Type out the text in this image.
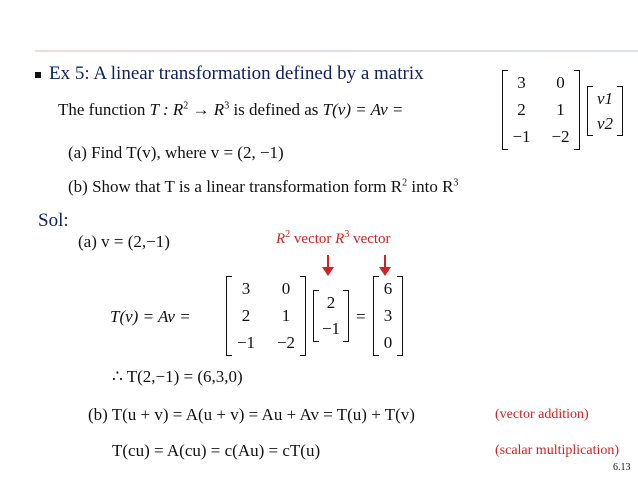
Ex 5: A linear transformation defined by a matrix
The function T : $R^2 \to R^3$ is defined as T(v) = Av =
3 0
2 1
−1 −2
v1
v2
(a) Find T(v), where v = (2, −1)
(b) Show that T is a linear transformation form $R^2$ into $R^3$
Sol:
(a) v = (2,−1)	$R^2$ vector $R^3$ vector
T(v) = Av =
3 0
2 1
−1 −2
2
−1
=
6
3
0
∴ T(2,−1) = (6,3,0)
(b) T(u + v) = A(u + v) = Au + Av = T(u) + T(v)	(vector addition)
T(cu) = A(cu) = c(Au) = cT(u)	(scalar multiplication)
6.13
